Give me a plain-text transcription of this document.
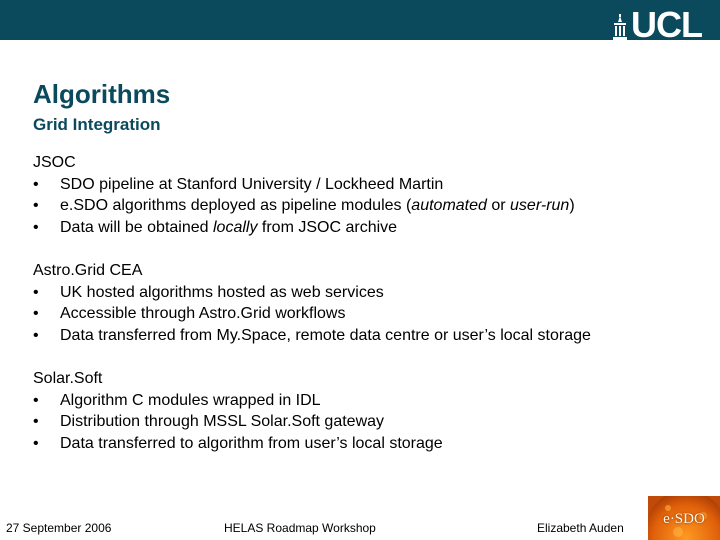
UCL
Algorithms
Grid Integration
JSOC
• SDO pipeline at Stanford University / Lockheed Martin
• e.SDO algorithms deployed as pipeline modules (automated or user-run)
• Data will be obtained locally from JSOC archive
Astro.Grid CEA
• UK hosted algorithms hosted as web services
• Accessible through Astro.Grid workflows
• Data transferred from My.Space, remote data centre or user’s local storage
Solar.Soft
• Algorithm C modules wrapped in IDL
• Distribution through MSSL Solar.Soft gateway
• Data transferred to algorithm from user’s local storage
27 September 2006	HELAS Roadmap Workshop	Elizabeth Auden
e·SDO
